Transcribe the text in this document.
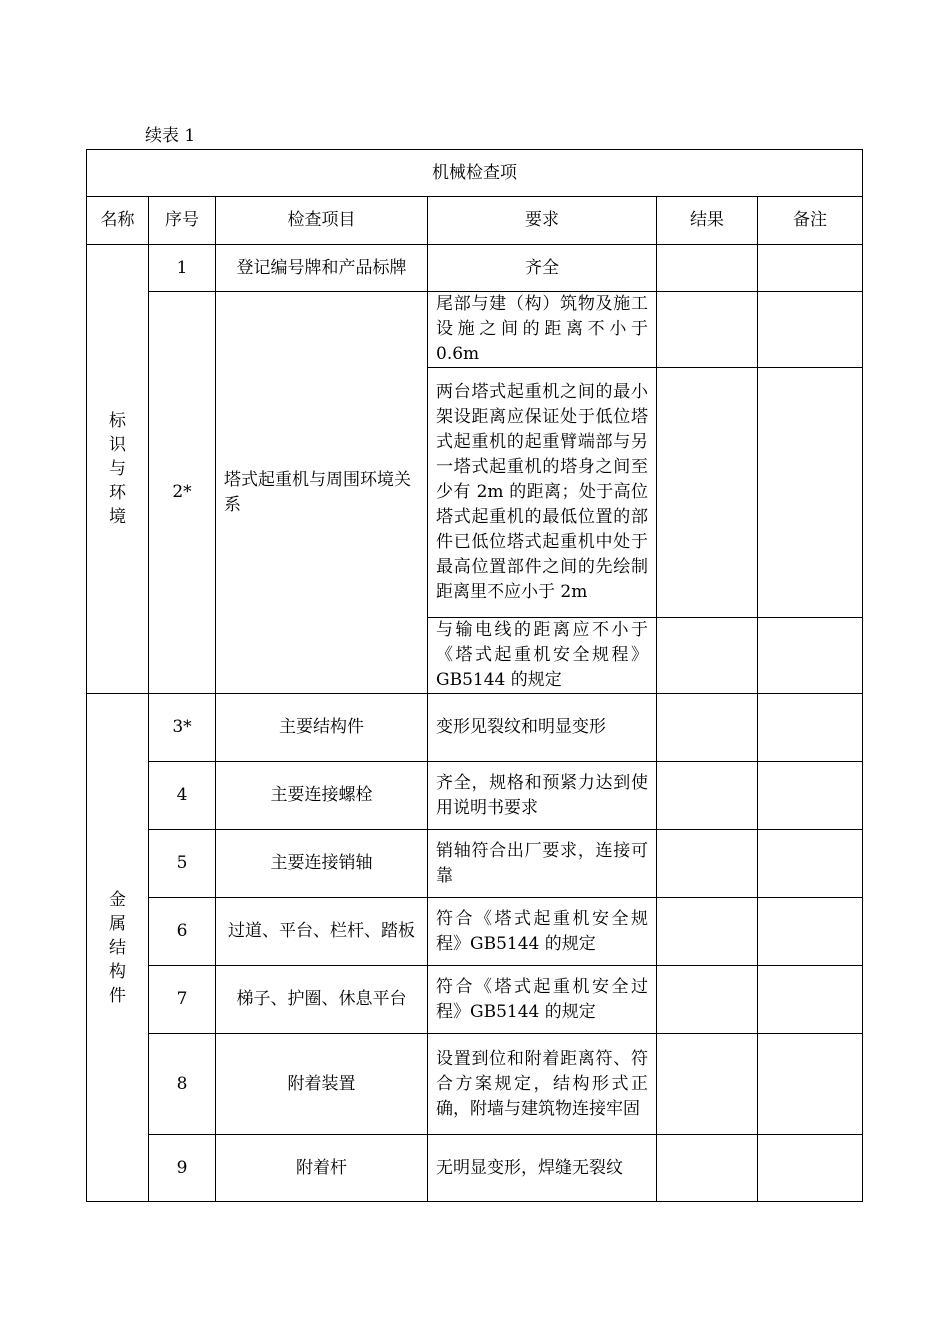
续表 1
机械检查项					
名称	序号	检查项目	要求	结果	备注

标
识
与
环
境	1	登记编号牌和产品标牌	齐全		
	2*	塔式起重机与周围环境关系	尾部与建（构）筑物及施工设施之间的距离不小于0.6m		
			两台塔式起重机之间的最小架设距离应保证处于低位塔式起重机的起重臂端部与另一塔式起重机的塔身之间至少有 2m 的距离；处于高位塔式起重机的最低位置的部件已低位塔式起重机中处于最高位置部件之间的先绘制距离里不应小于 2m		
			与输电线的距离应不小于《塔式起重机安全规程》GB5144 的规定		

金
属
结
构
件	3*	主要结构件	变形见裂纹和明显变形		
	4	主要连接螺栓	齐全，规格和预紧力达到使用说明书要求		
	5	主要连接销轴	销轴符合出厂要求，连接可靠		
	6	过道、平台、栏杆、踏板	符合《塔式起重机安全规程》GB5144 的规定		
	7	梯子、护圈、休息平台	符合《塔式起重机安全过程》GB5144 的规定		
	8	附着装置	设置到位和附着距离符、符合方案规定，结构形式正确，附墙与建筑物连接牢固		
	9	附着杆	无明显变形，焊缝无裂纹		
